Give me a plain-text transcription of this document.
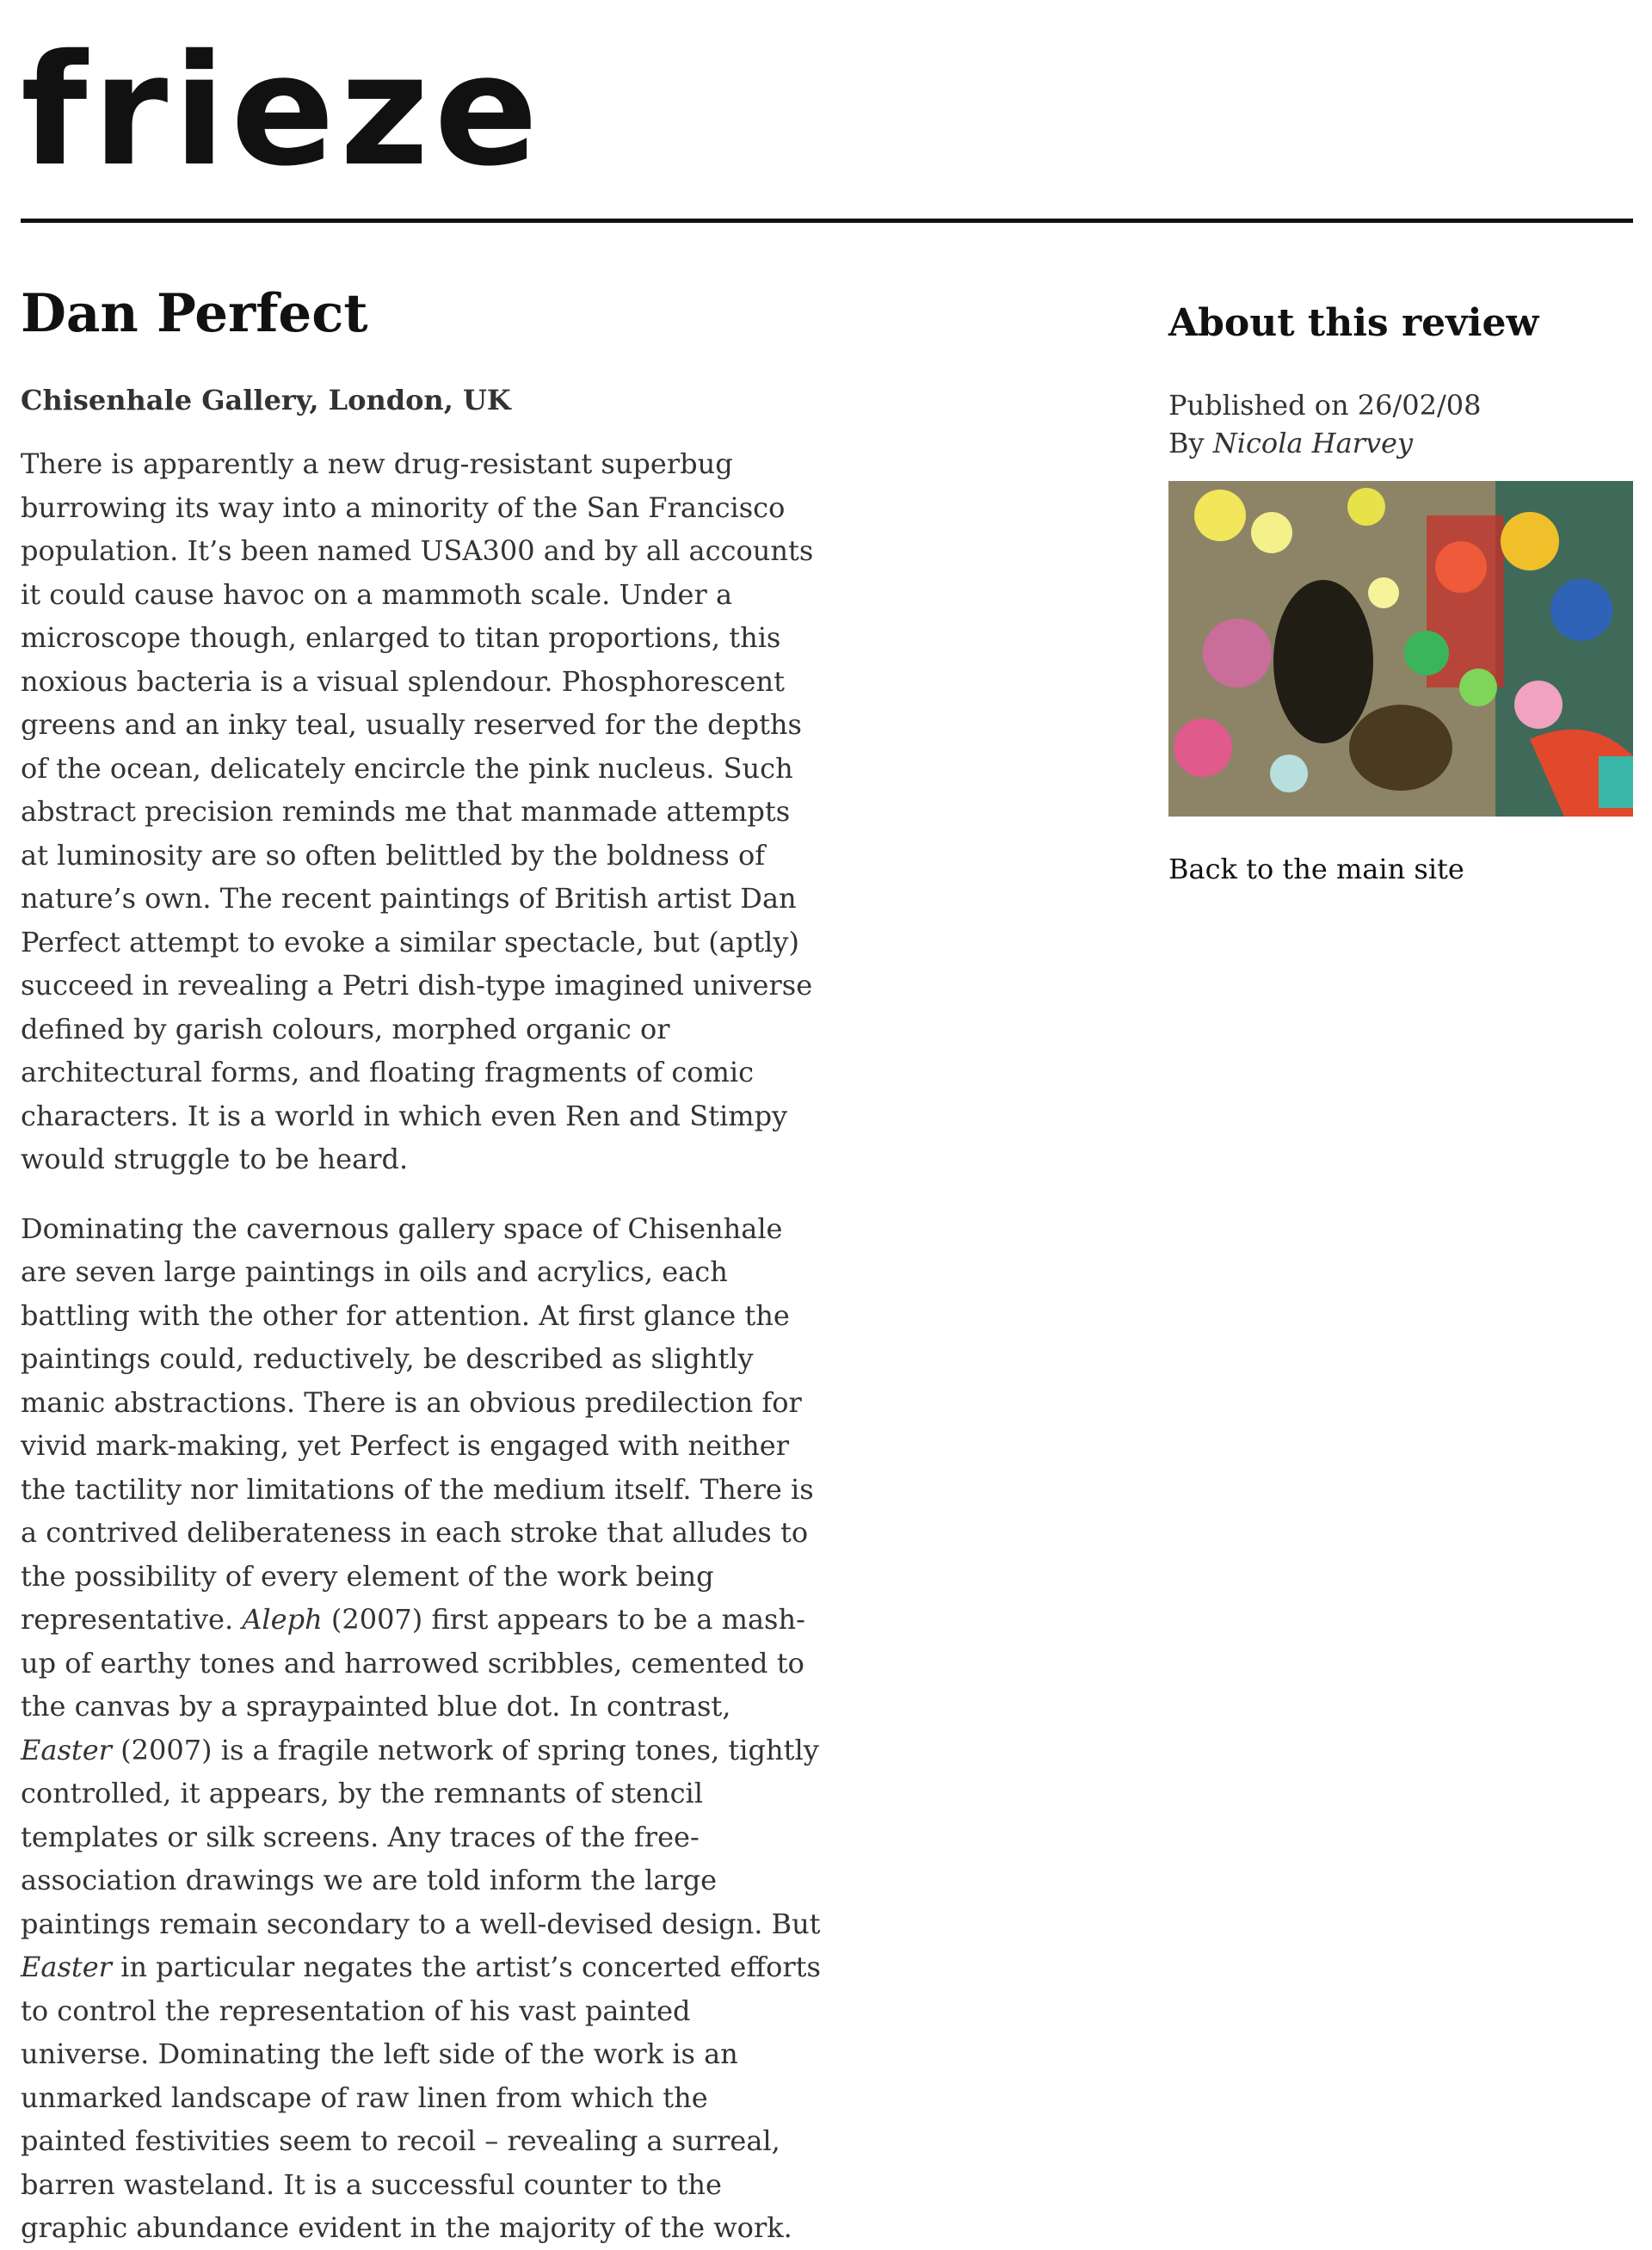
frieze
Dan Perfect

Chisenhale Gallery, London, UK

There is apparently a new drug-resistant superbug burrowing its way into a minority of the San Francisco population. It’s been named USA300 and by all accounts it could cause havoc on a mammoth scale. Under a microscope though, enlarged to titan proportions, this noxious bacteria is a visual splendour. Phosphorescent greens and an inky teal, usually reserved for the depths of the ocean, delicately encircle the pink nucleus. Such abstract precision reminds me that manmade attempts at luminosity are so often belittled by the boldness of nature’s own. The recent paintings of British artist Dan Perfect attempt to evoke a similar spectacle, but (aptly) succeed in revealing a Petri dish-type imagined universe defined by garish colours, morphed organic or architectural forms, and floating fragments of comic characters. It is a world in which even Ren and Stimpy would struggle to be heard.

Dominating the cavernous gallery space of Chisenhale are seven large paintings in oils and acrylics, each battling with the other for attention. At first glance the paintings could, reductively, be described as slightly manic abstractions. There is an obvious predilection for vivid mark-making, yet Perfect is engaged with neither the tactility nor limitations of the medium itself. There is a contrived deliberateness in each stroke that alludes to the possibility of every element of the work being representative. Aleph (2007) first appears to be a mash-up of earthy tones and harrowed scribbles, cemented to the canvas by a spraypainted blue dot. In contrast, Easter (2007) is a fragile network of spring tones, tightly controlled, it appears, by the remnants of stencil templates or silk screens. Any traces of the free-association drawings we are told inform the large paintings remain secondary to a well-devised design. But Easter in particular negates the artist’s concerted efforts to control the representation of his vast painted universe. Dominating the left side of the work is an unmarked landscape of raw linen from which the painted festivities seem to recoil – revealing a surreal, barren wasteland. It is a successful counter to the graphic abundance evident in the majority of the work.

About this review
Published on 26/02/08
By Nicola Harvey
Back to the main site
